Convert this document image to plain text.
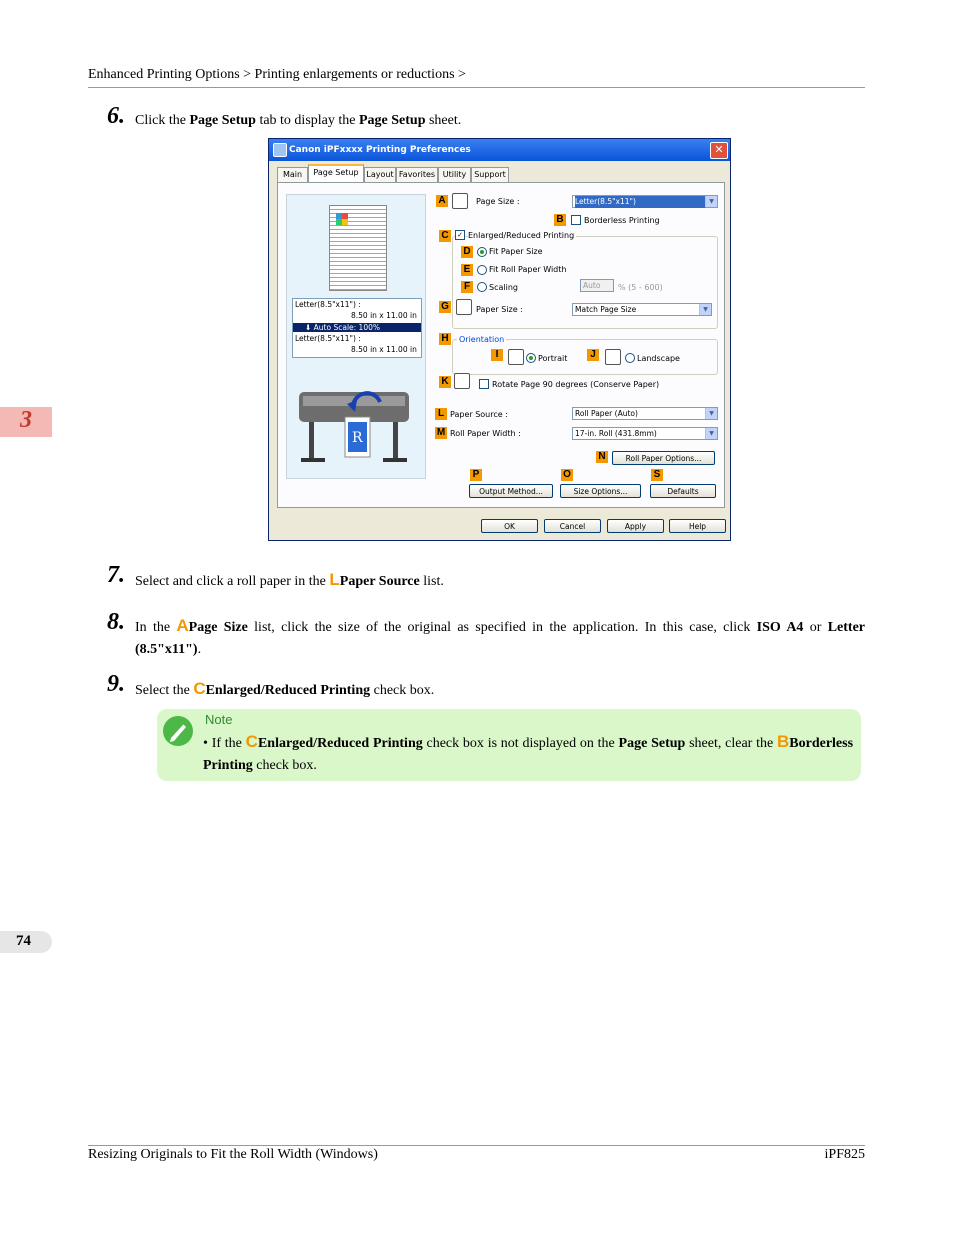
Enhanced Printing Options > Printing enlargements or reductions >
3
74
6. Click the Page Setup tab to display the Page Setup sheet.
Canon iPFxxxx Printing Preferences	✕
Main	Page Setup Layout Favorites Utility Support
Letter(8.5"x11") :
8.50 in x 11.00 in
⬇ Auto Scale: 100%
Letter(8.5"x11") :
8.50 in x 11.00 in
R
A	Page Size :	Letter(8.5"x11")	▼
B	Borderless Printing
C	✓ Enlarged/Reduced Printing
D Fit Paper Size
E	Fit Roll Paper Width
F	Scaling	Auto	% (5 - 600)
G	Paper Size :	Match Page Size	▼
H Orientation
I	Portrait	J	Landscape
K	Rotate Page 90 degrees (Conserve Paper)
L Paper Source :	Roll Paper (Auto)	▼
M Roll Paper Width :	17-in. Roll (431.8mm)	▼
N	Roll Paper Options...
P	O	S
Output Method...	Size Options...	Defaults
OK	Cancel	Apply	Help
7. Select and click a roll paper in the LPaper Source list.
8. In the APage Size list, click the size of the original as specified in the application. In this case, click ISO A4 or Letter (8.5"x11").
9. Select the CEnlarged/Reduced Printing check box.
Note
• If the CEnlarged/Reduced Printing check box is not displayed on the Page Setup sheet, clear the BBorderless Printing check box.
Resizing Originals to Fit the Roll Width (Windows)	iPF825
